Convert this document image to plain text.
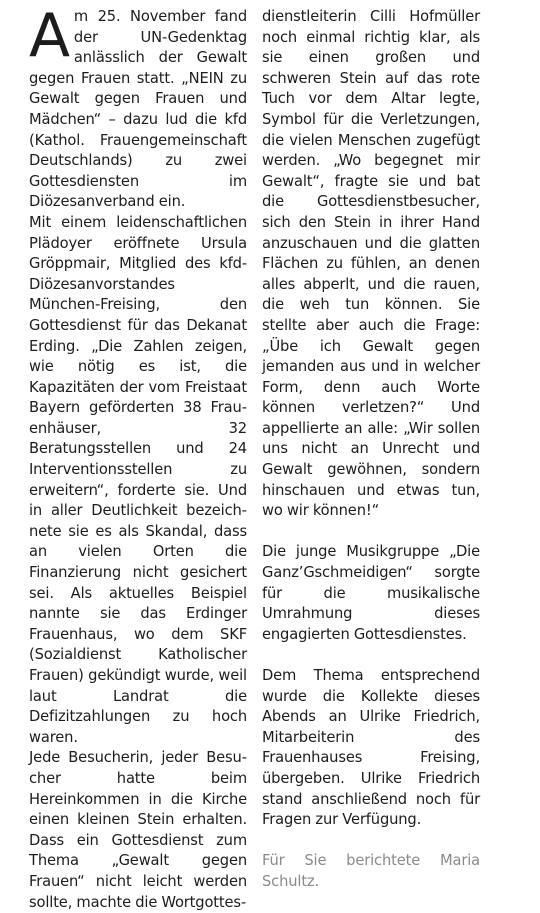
Am 25. November fand der UN-Gedenktag anlässlich der Gewalt gegen Frauen statt. „NEIN zu Gewalt gegen Frauen und Mädchen“ – dazu lud die kfd (Kathol. Frauengemeinschaft Deutschlands) zu zwei Gottesdiensten im Diözesanverband ein.

Mit einem leidenschaftlichen Plädoyer eröffnete Ursula Gröppmair, Mitglied des kfd-Diözesanvorstandes München-Freising, den Gottesdienst für das Dekanat Erding. „Die Zahlen zeigen, wie nötig es ist, die Kapazitäten der vom Freistaat Bayern geförderten 38 Frauenhäuser, 32 Beratungsstellen und 24 Interventionsstellen zu erweitern“, forderte sie. Und in aller Deutlichkeit bezeichnete sie es als Skandal, dass an vielen Orten die Finanzierung nicht gesichert sei. Als aktuelles Beispiel nannte sie das Erdinger Frauenhaus, wo dem SKF (Sozialdienst Katholischer Frauen) gekündigt wurde, weil laut Landrat die Defizitzahlungen zu hoch waren.

Jede Besucherin, jeder Besucher hatte beim Hereinkommen in die Kirche einen kleinen Stein erhalten. Dass ein Gottesdienst zum Thema „Gewalt gegen Frauen“ nicht leicht werden sollte, machte die Wortgottes-

dienstleiterin Cilli Hofmüller noch einmal richtig klar, als sie einen großen und schweren Stein auf das rote Tuch vor dem Altar legte, Symbol für die Verletzungen, die vielen Menschen zugefügt werden. „Wo begegnet mir Gewalt“, fragte sie und bat die Gottesdienstbesucher, sich den Stein in ihrer Hand anzuschauen und die glatten Flächen zu fühlen, an denen alles abperlt, und die rauen, die weh tun können. Sie stellte aber auch die Frage: „Übe ich Gewalt gegen jemanden aus und in welcher Form, denn auch Worte können verletzen?“ Und appellierte an alle: „Wir sollen uns nicht an Unrecht und Gewalt gewöhnen, sondern hinschauen und etwas tun, wo wir können!“

Die junge Musikgruppe „Die Ganz’Gschmeidigen“ sorgte für die musikalische Umrahmung dieses engagierten Gottesdienstes.

Dem Thema entsprechend wurde die Kollekte dieses Abends an Ulrike Friedrich, Mitarbeiterin des Frauenhauses Freising, übergeben. Ulrike Friedrich stand anschließend noch für Fragen zur Verfügung.

Für Sie berichtete Maria Schultz.
